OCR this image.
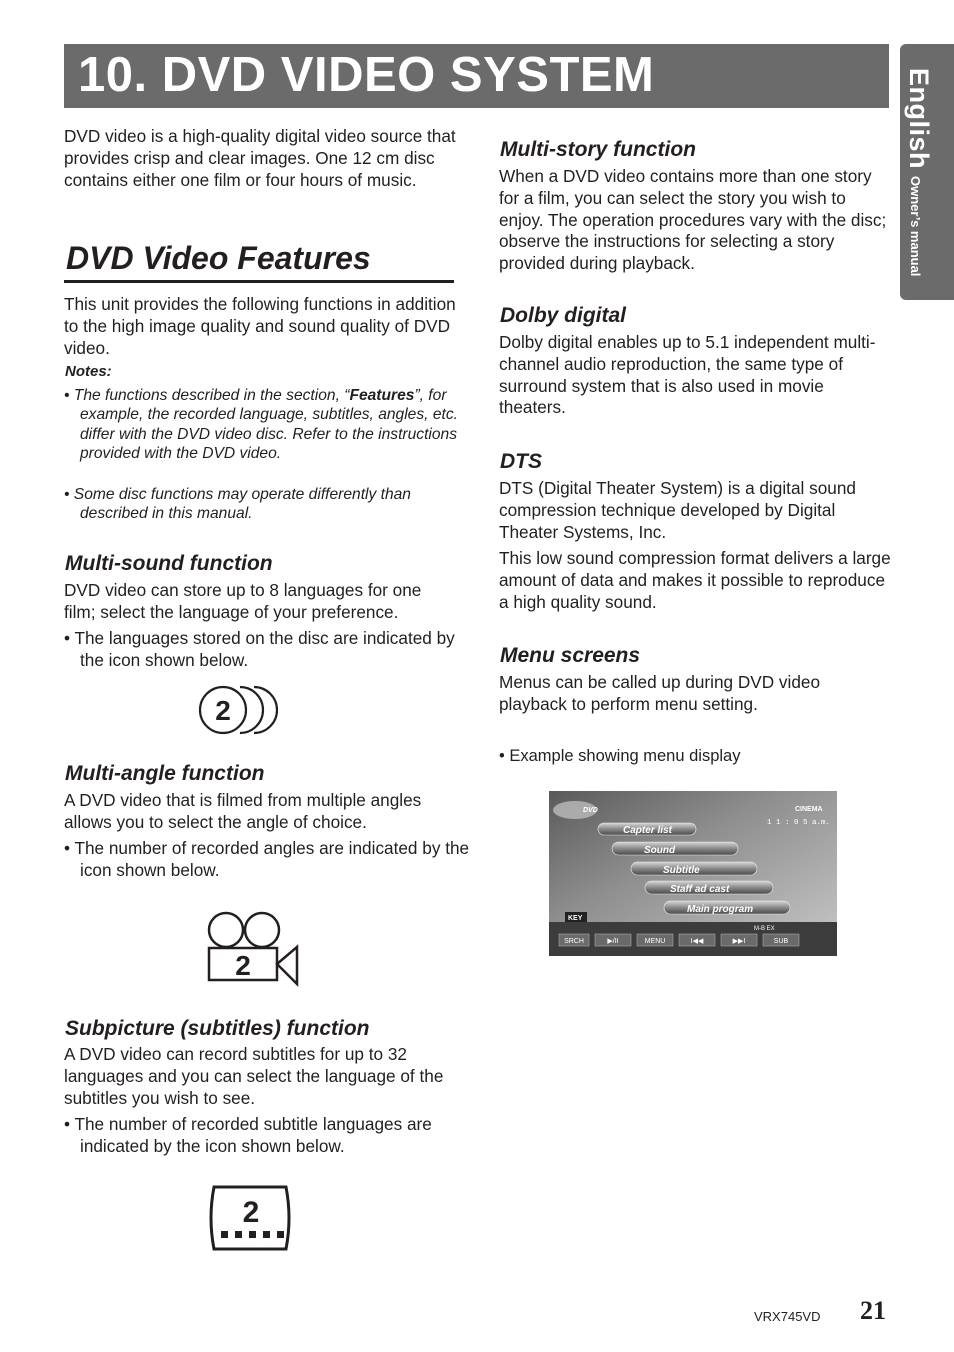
10. DVD VIDEO SYSTEM	English
Owner’s manual
DVD video is a high-quality digital video source that provides crisp and clear images. One 12 cm disc contains either one film or four hours of music.
DVD Video Features
This unit provides the following functions in addition to the high image quality and sound quality of DVD video.
Notes:
• The functions described in the section, “Features”, for example, the recorded language, subtitles, angles, etc. differ with the DVD video disc. Refer to the instructions provided with the DVD video.
• Some disc functions may operate differently than described in this manual.
Multi-sound function
DVD video can store up to 8 languages for one film; select the language of your preference.
• The languages stored on the disc are indicated by the icon shown below.
2
Multi-angle function
A DVD video that is filmed from multiple angles allows you to select the angle of choice.
• The number of recorded angles are indicated by the icon shown below.
2
Subpicture (subtitles) function
A DVD video can record subtitles for up to 32 languages and you can select the language of the subtitles you wish to see.
• The number of recorded subtitle languages are indicated by the icon shown below.
2
Multi-story function
When a DVD video contains more than one story for a film, you can select the story you wish to enjoy. The operation procedures vary with the disc; observe the instructions for selecting a story provided during playback.
Dolby digital
Dolby digital enables up to 5.1 independent multi-channel audio reproduction, the same type of surround system that is also used in movie theaters.
DTS
DTS (Digital Theater System) is a digital sound compression technique developed by Digital Theater Systems, Inc.
This low sound compression format delivers a large amount of data and makes it possible to reproduce a high quality sound.
Menu screens
Menus can be called up during DVD video playback to perform menu setting.
• Example showing menu display
DVD	CINEMA
1 1 : 0 5 a.m.
Capter list
Sound
Subtitle
Staff ad cast
Main program
KEY
M-B EX
SRCH	▶/II	MENU	I◀◀	▶▶I	SUB
VRX745VD 21
